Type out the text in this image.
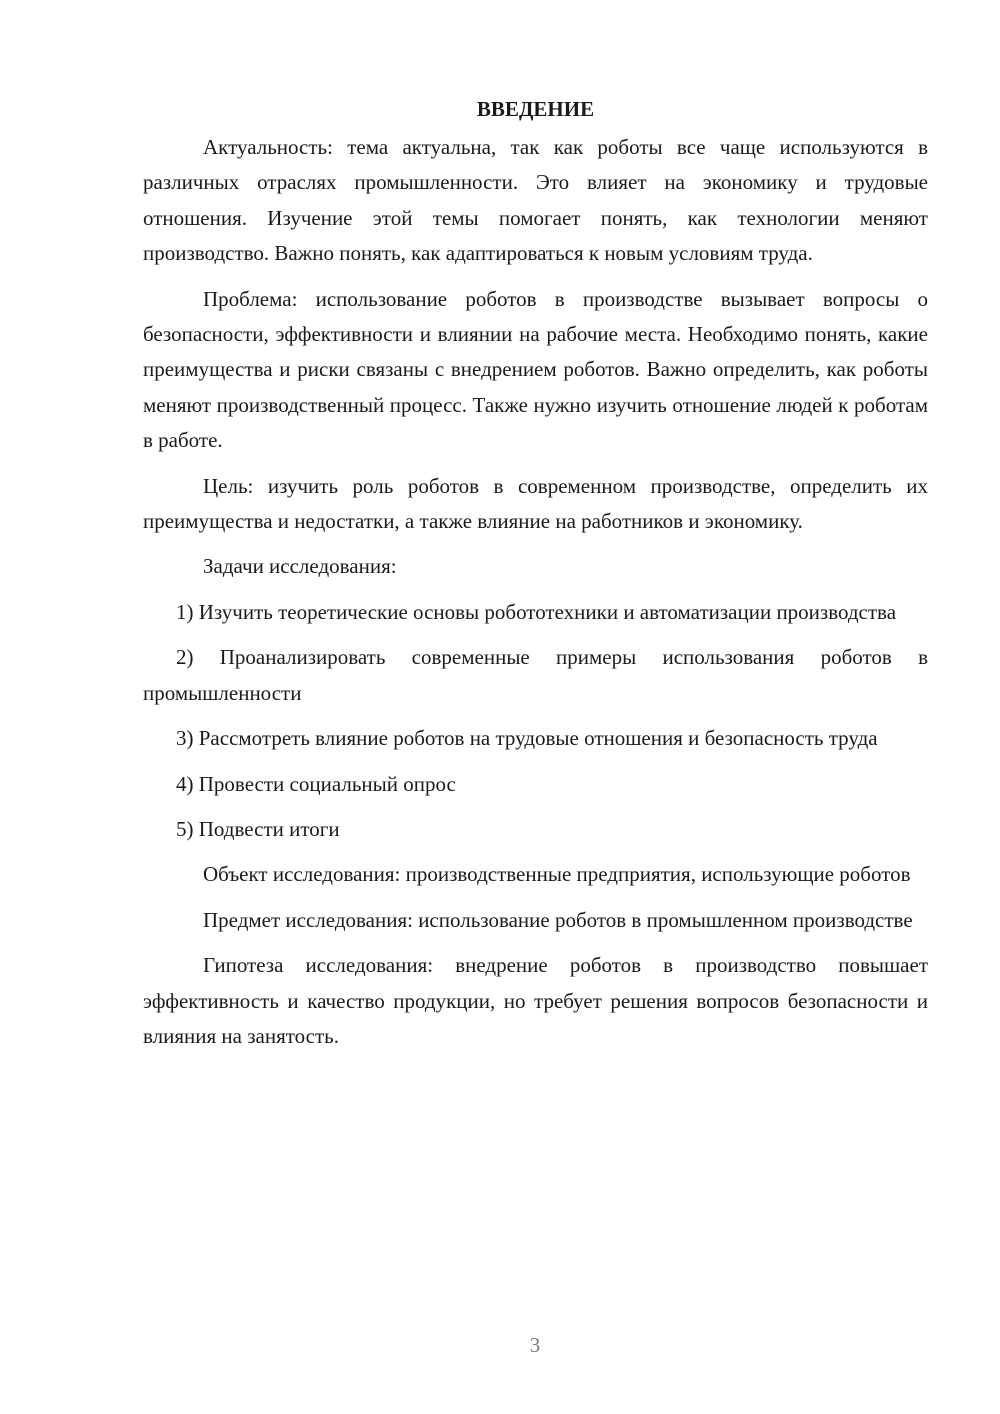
ВВЕДЕНИЕ

Актуальность: тема актуальна, так как роботы все чаще используются в различных отраслях промышленности. Это влияет на экономику и трудовые отношения. Изучение этой темы помогает понять, как технологии меняют производство. Важно понять, как адаптироваться к новым условиям труда.

Проблема: использование роботов в производстве вызывает вопросы о безопасности, эффективности и влиянии на рабочие места. Необходимо понять, какие преимущества и риски связаны с внедрением роботов. Важно определить, как роботы меняют производственный процесс. Также нужно изучить отношение людей к роботам в работе.

Цель: изучить роль роботов в современном производстве, определить их преимущества и недостатки, а также влияние на работников и экономику.

Задачи исследования:

1) Изучить теоретические основы робототехники и автоматизации производства

2) Проанализировать современные примеры использования роботов в промышленности

3) Рассмотреть влияние роботов на трудовые отношения и безопасность труда

4) Провести социальный опрос

5) Подвести итоги

Объект исследования: производственные предприятия, использующие роботов

Предмет исследования: использование роботов в промышленном производстве

Гипотеза исследования: внедрение роботов в производство повышает эффективность и качество продукции, но требует решения вопросов безопасности и влияния на занятость.

3
